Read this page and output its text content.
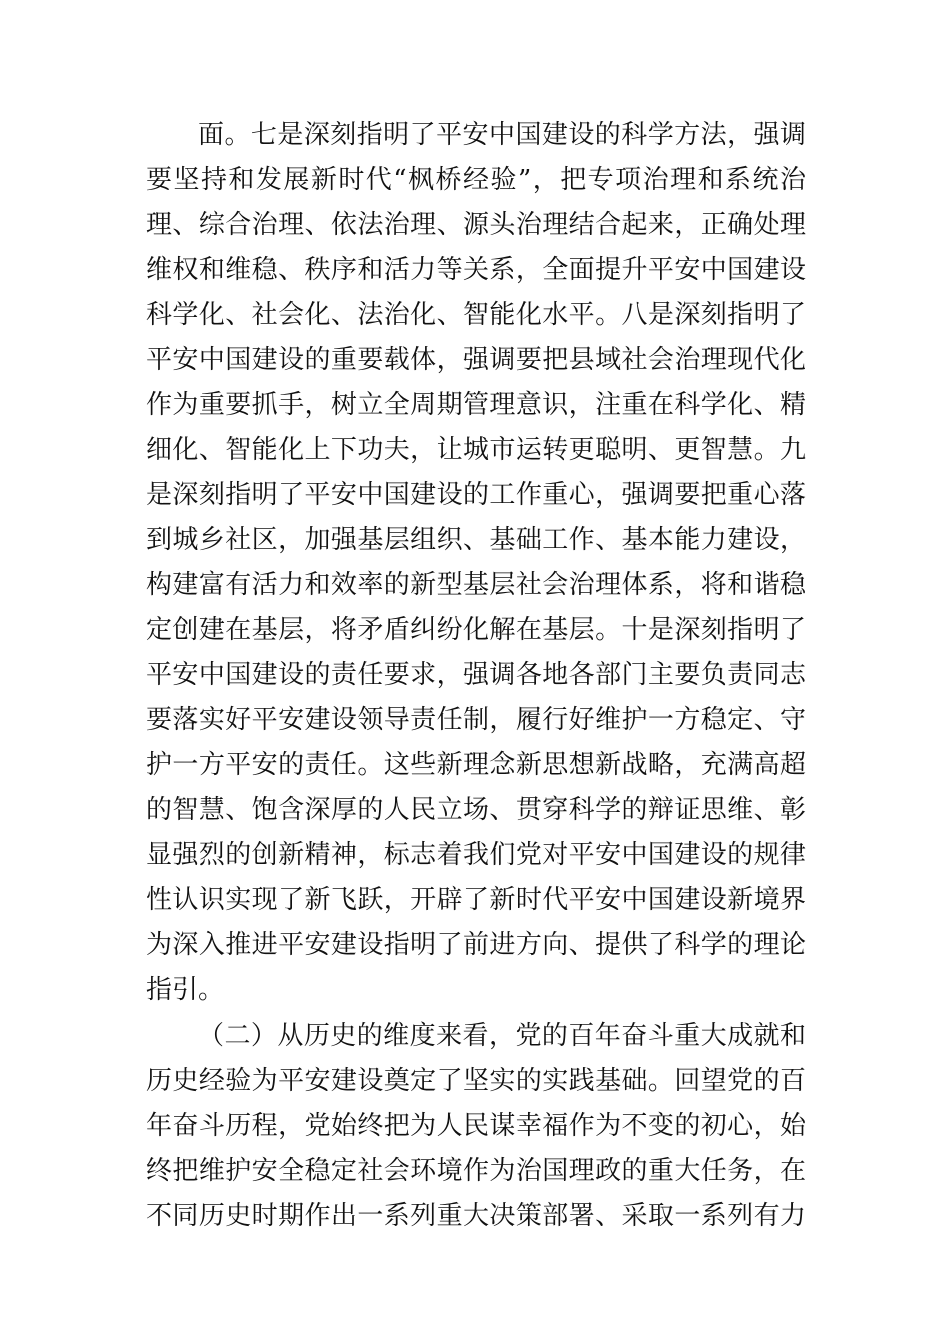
面。七是深刻指明了平安中国建设的科学方法，强调
要坚持和发展新时代“枫桥经验”，把专项治理和系统治
理、综合治理、依法治理、源头治理结合起来，正确处理
维权和维稳、秩序和活力等关系，全面提升平安中国建设
科学化、社会化、法治化、智能化水平。八是深刻指明了
平安中国建设的重要载体，强调要把县域社会治理现代化
作为重要抓手，树立全周期管理意识，注重在科学化、精
细化、智能化上下功夫，让城市运转更聪明、更智慧。九
是深刻指明了平安中国建设的工作重心，强调要把重心落
到城乡社区，加强基层组织、基础工作、基本能力建设，
构建富有活力和效率的新型基层社会治理体系，将和谐稳
定创建在基层，将矛盾纠纷化解在基层。十是深刻指明了
平安中国建设的责任要求，强调各地各部门主要负责同志
要落实好平安建设领导责任制，履行好维护一方稳定、守
护一方平安的责任。这些新理念新思想新战略，充满高超
的智慧、饱含深厚的人民立场、贯穿科学的辩证思维、彰
显强烈的创新精神，标志着我们党对平安中国建设的规律
性认识实现了新飞跃，开辟了新时代平安中国建设新境界
为深入推进平安建设指明了前进方向、提供了科学的理论
指引。
（二）从历史的维度来看，党的百年奋斗重大成就和
历史经验为平安建设奠定了坚实的实践基础。回望党的百
年奋斗历程，党始终把为人民谋幸福作为不变的初心，始
终把维护安全稳定社会环境作为治国理政的重大任务，在
不同历史时期作出一系列重大决策部署、采取一系列有力
